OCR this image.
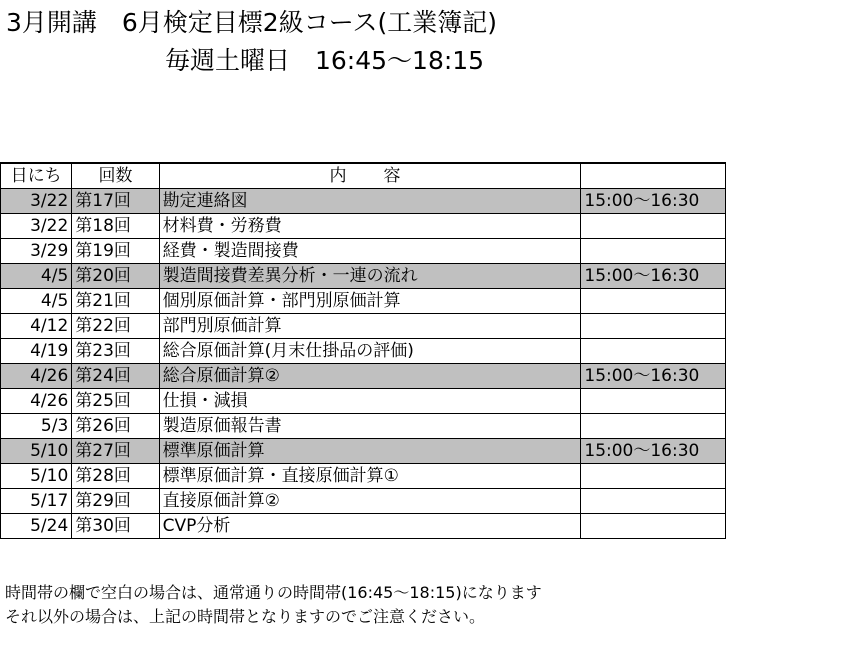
3月開講　6月検定目標2級コース(工業簿記)
毎週土曜日　16:45～18:15
日にち	回数	内　容	
3/22	第17回	勘定連絡図	15:00～16:30
3/22	第18回	材料費・労務費	
3/29	第19回	経費・製造間接費	
4/5	第20回	製造間接費差異分析・一連の流れ	15:00～16:30
4/5	第21回	個別原価計算・部門別原価計算	
4/12	第22回	部門別原価計算	
4/19	第23回	総合原価計算(月末仕掛品の評価)	
4/26	第24回	総合原価計算②	15:00～16:30
4/26	第25回	仕損・減損	
5/3	第26回	製造原価報告書	
5/10	第27回	標準原価計算	15:00～16:30
5/10	第28回	標準原価計算・直接原価計算①	
5/17	第29回	直接原価計算②	
5/24	第30回	CVP分析	
時間帯の欄で空白の場合は、通常通りの時間帯(16:45～18:15)になります
それ以外の場合は、上記の時間帯となりますのでご注意ください。
